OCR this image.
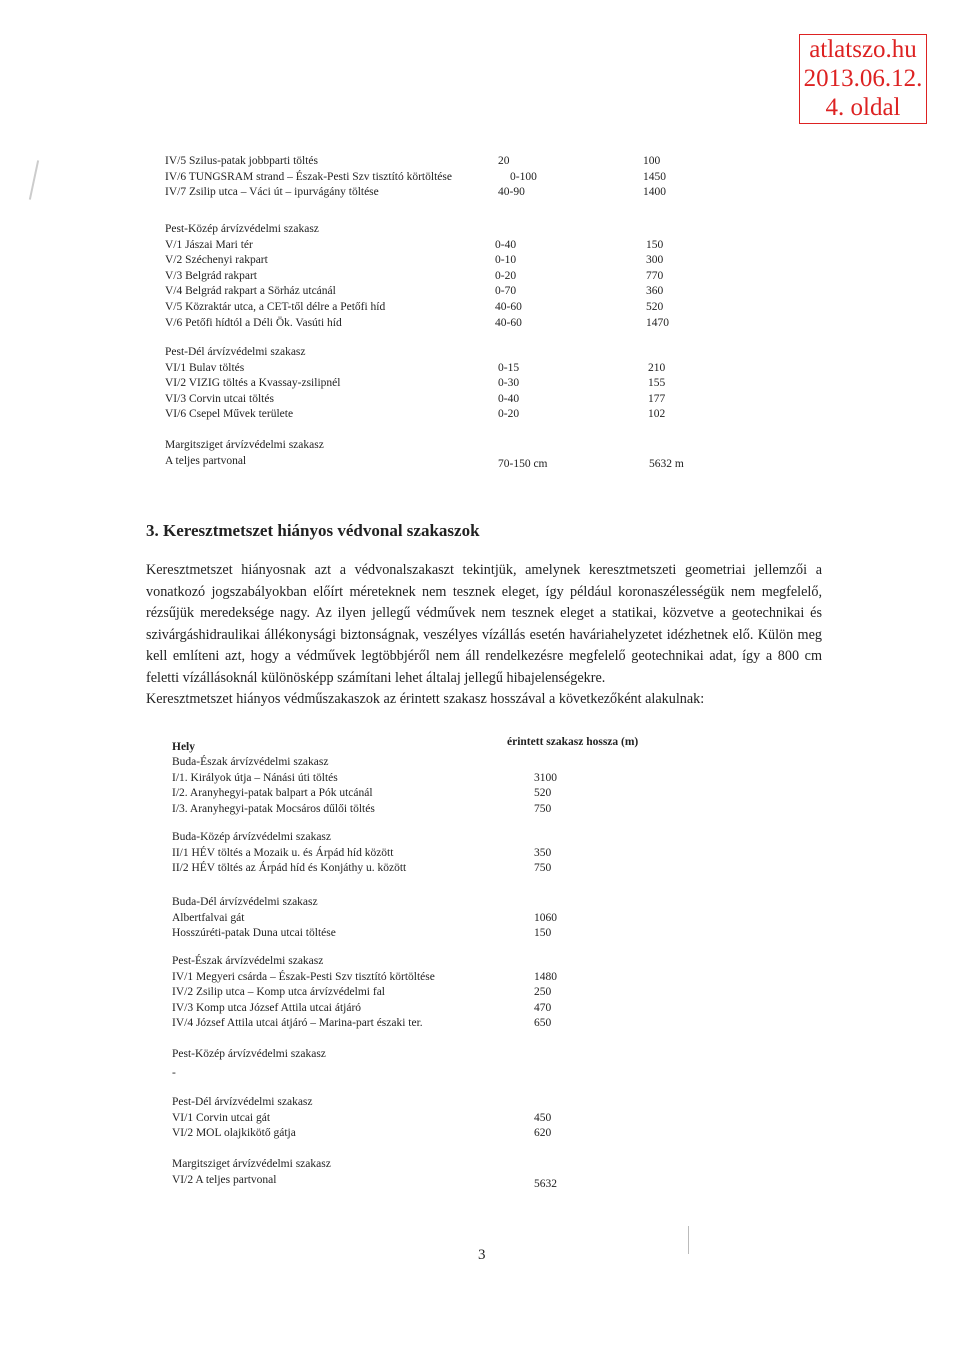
atlatszo.hu
2013.06.12.
4. oldal
IV/5 Szilus-patak jobbparti töltés	20	100
IV/6 TUNGSRAM strand – Észak-Pesti Szv tisztító körtöltése	0-100	1450
IV/7 Zsilip utca – Váci út – ipurvágány töltése	40-90	1400
Pest-Közép árvízvédelmi szakasz
V/1 Jászai Mari tér	0-40	150
V/2 Széchenyi rakpart	0-10	300
V/3 Belgrád rakpart	0-20	770
V/4 Belgrád rakpart a Sörház utcánál	0-70	360
V/5 Közraktár utca, a CET-től délre a Petőfi híd	40-60	520
V/6 Petőfi hídtól a Déli Ök. Vasúti híd	40-60	1470
Pest-Dél árvízvédelmi szakasz
VI/1 Bulav töltés	0-15	210
VI/2 VIZIG töltés a Kvassay-zsilipnél	0-30	155
VI/3 Corvin utcai töltés	0-40	177
VI/6 Csepel Művek területe	0-20	102
Margitsziget árvízvédelmi szakasz
A teljes partvonal	70-150 cm	5632 m
3. Keresztmetszet hiányos védvonal szakaszok
Keresztmetszet hiányosnak azt a védvonalszakaszt tekintjük, amelynek keresztmetszeti geometriai jellemzői a vonatkozó jogszabályokban előírt méreteknek nem tesznek eleget, így például koronaszélességük nem megfelelő, rézsűjük meredeksége nagy. Az ilyen jellegű védművek nem tesznek eleget a statikai, közvetve a geotechnikai és szivárgáshidraulikai állékonysági biztonságnak, veszélyes vízállás esetén haváriahelyzetet idézhetnek elő. Külön meg kell említeni azt, hogy a védművek legtöbbjéről nem áll rendelkezésre megfelelő geotechnikai adat, így a 800 cm feletti vízállásoknál különösképp számítani lehet általaj jellegű hibajelenségekre.
Keresztmetszet hiányos védműszakaszok az érintett szakasz hosszával a következőként alakulnak:
Hely	érintett szakasz hossza (m)
Buda-Észak árvízvédelmi szakasz
I/1. Királyok útja – Nánási úti töltés	3100
I/2. Aranyhegyi-patak balpart a Pók utcánál	520
I/3. Aranyhegyi-patak Mocsáros dűlői töltés	750
Buda-Közép árvízvédelmi szakasz
II/1 HÉV töltés a Mozaik u. és Árpád híd között	350
II/2 HÉV töltés az Árpád híd és Konjáthy u. között	750
Buda-Dél árvízvédelmi szakasz
Albertfalvai gát	1060
Hosszúréti-patak Duna utcai töltése	150
Pest-Észak árvízvédelmi szakasz
IV/1 Megyeri csárda – Észak-Pesti Szv tisztító körtöltése	1480
IV/2 Zsilip utca – Komp utca árvízvédelmi fal	250
IV/3 Komp utca József Attila utcai átjáró	470
IV/4 József Attila utcai átjáró – Marina-part északi ter.	650
Pest-Közép árvízvédelmi szakasz
-
Pest-Dél árvízvédelmi szakasz
VI/1 Corvin utcai gát	450
VI/2 MOL olajkikötő gátja	620
Margitsziget árvízvédelmi szakasz
VI/2 A teljes partvonal	5632
3
